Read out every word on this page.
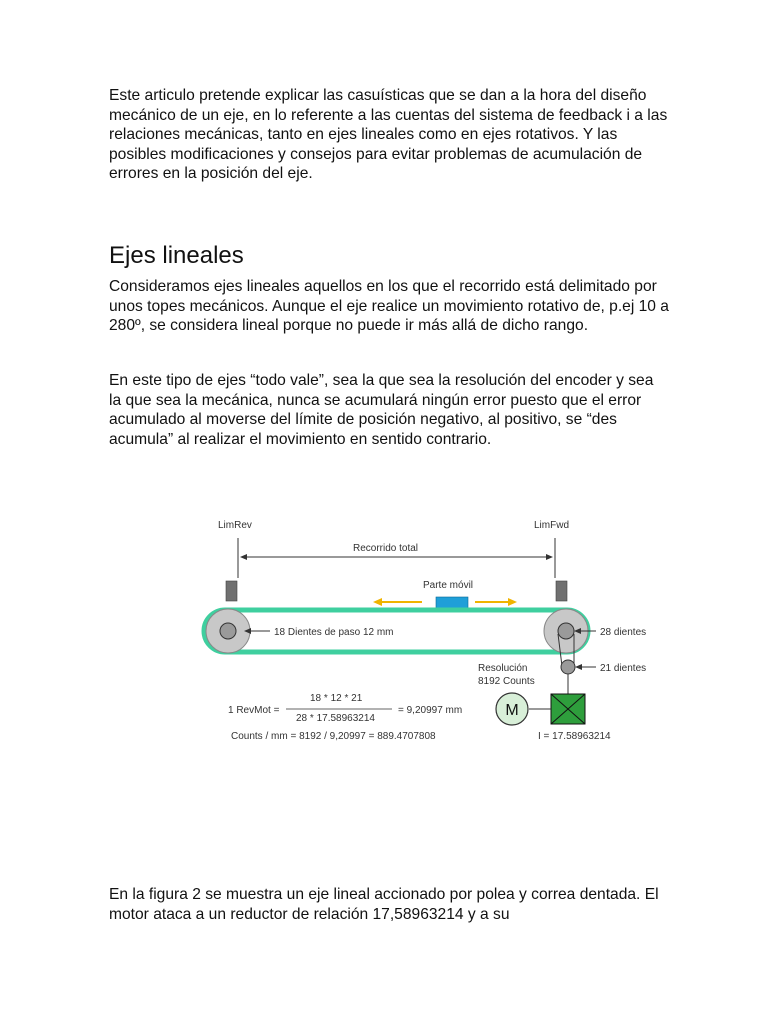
Este articulo pretende explicar las casuísticas que se dan a la hora del diseño mecánico de un eje, en lo referente a las cuentas del sistema de feedback i a las relaciones mecánicas, tanto en ejes lineales como en ejes rotativos. Y las posibles modificaciones y consejos para evitar problemas de acumulación de errores en la posición del eje.

Ejes lineales

Consideramos ejes lineales aquellos en los que el recorrido está delimitado por unos topes mecánicos. Aunque el eje realice un movimiento rotativo de, p.ej 10 a 280º, se considera lineal porque no puede ir más allá de dicho rango.

En este tipo de ejes “todo vale”, sea la que sea la resolución del encoder y sea la que sea la mecánica, nunca se acumulará ningún error puesto que el error acumulado al moverse del límite de posición negativo, al positivo, se “des acumula” al realizar el movimiento en sentido contrario.

LimRev	LimFwd
Recorrido total
Parte móvil
18 Dientes de paso 12 mm	28 dientes
21 dientes
Resolución
8192 Counts
M
1 RevMot =
18 * 12 * 21
28 * 17.58963214
= 9,20997 mm
Counts / mm = 8192 / 9,20997 = 889.4707808	I = 17.58963214

En la figura 2 se muestra un eje lineal accionado por polea y correa dentada. El motor ataca a un reductor de relación 17,58963214 y a su
